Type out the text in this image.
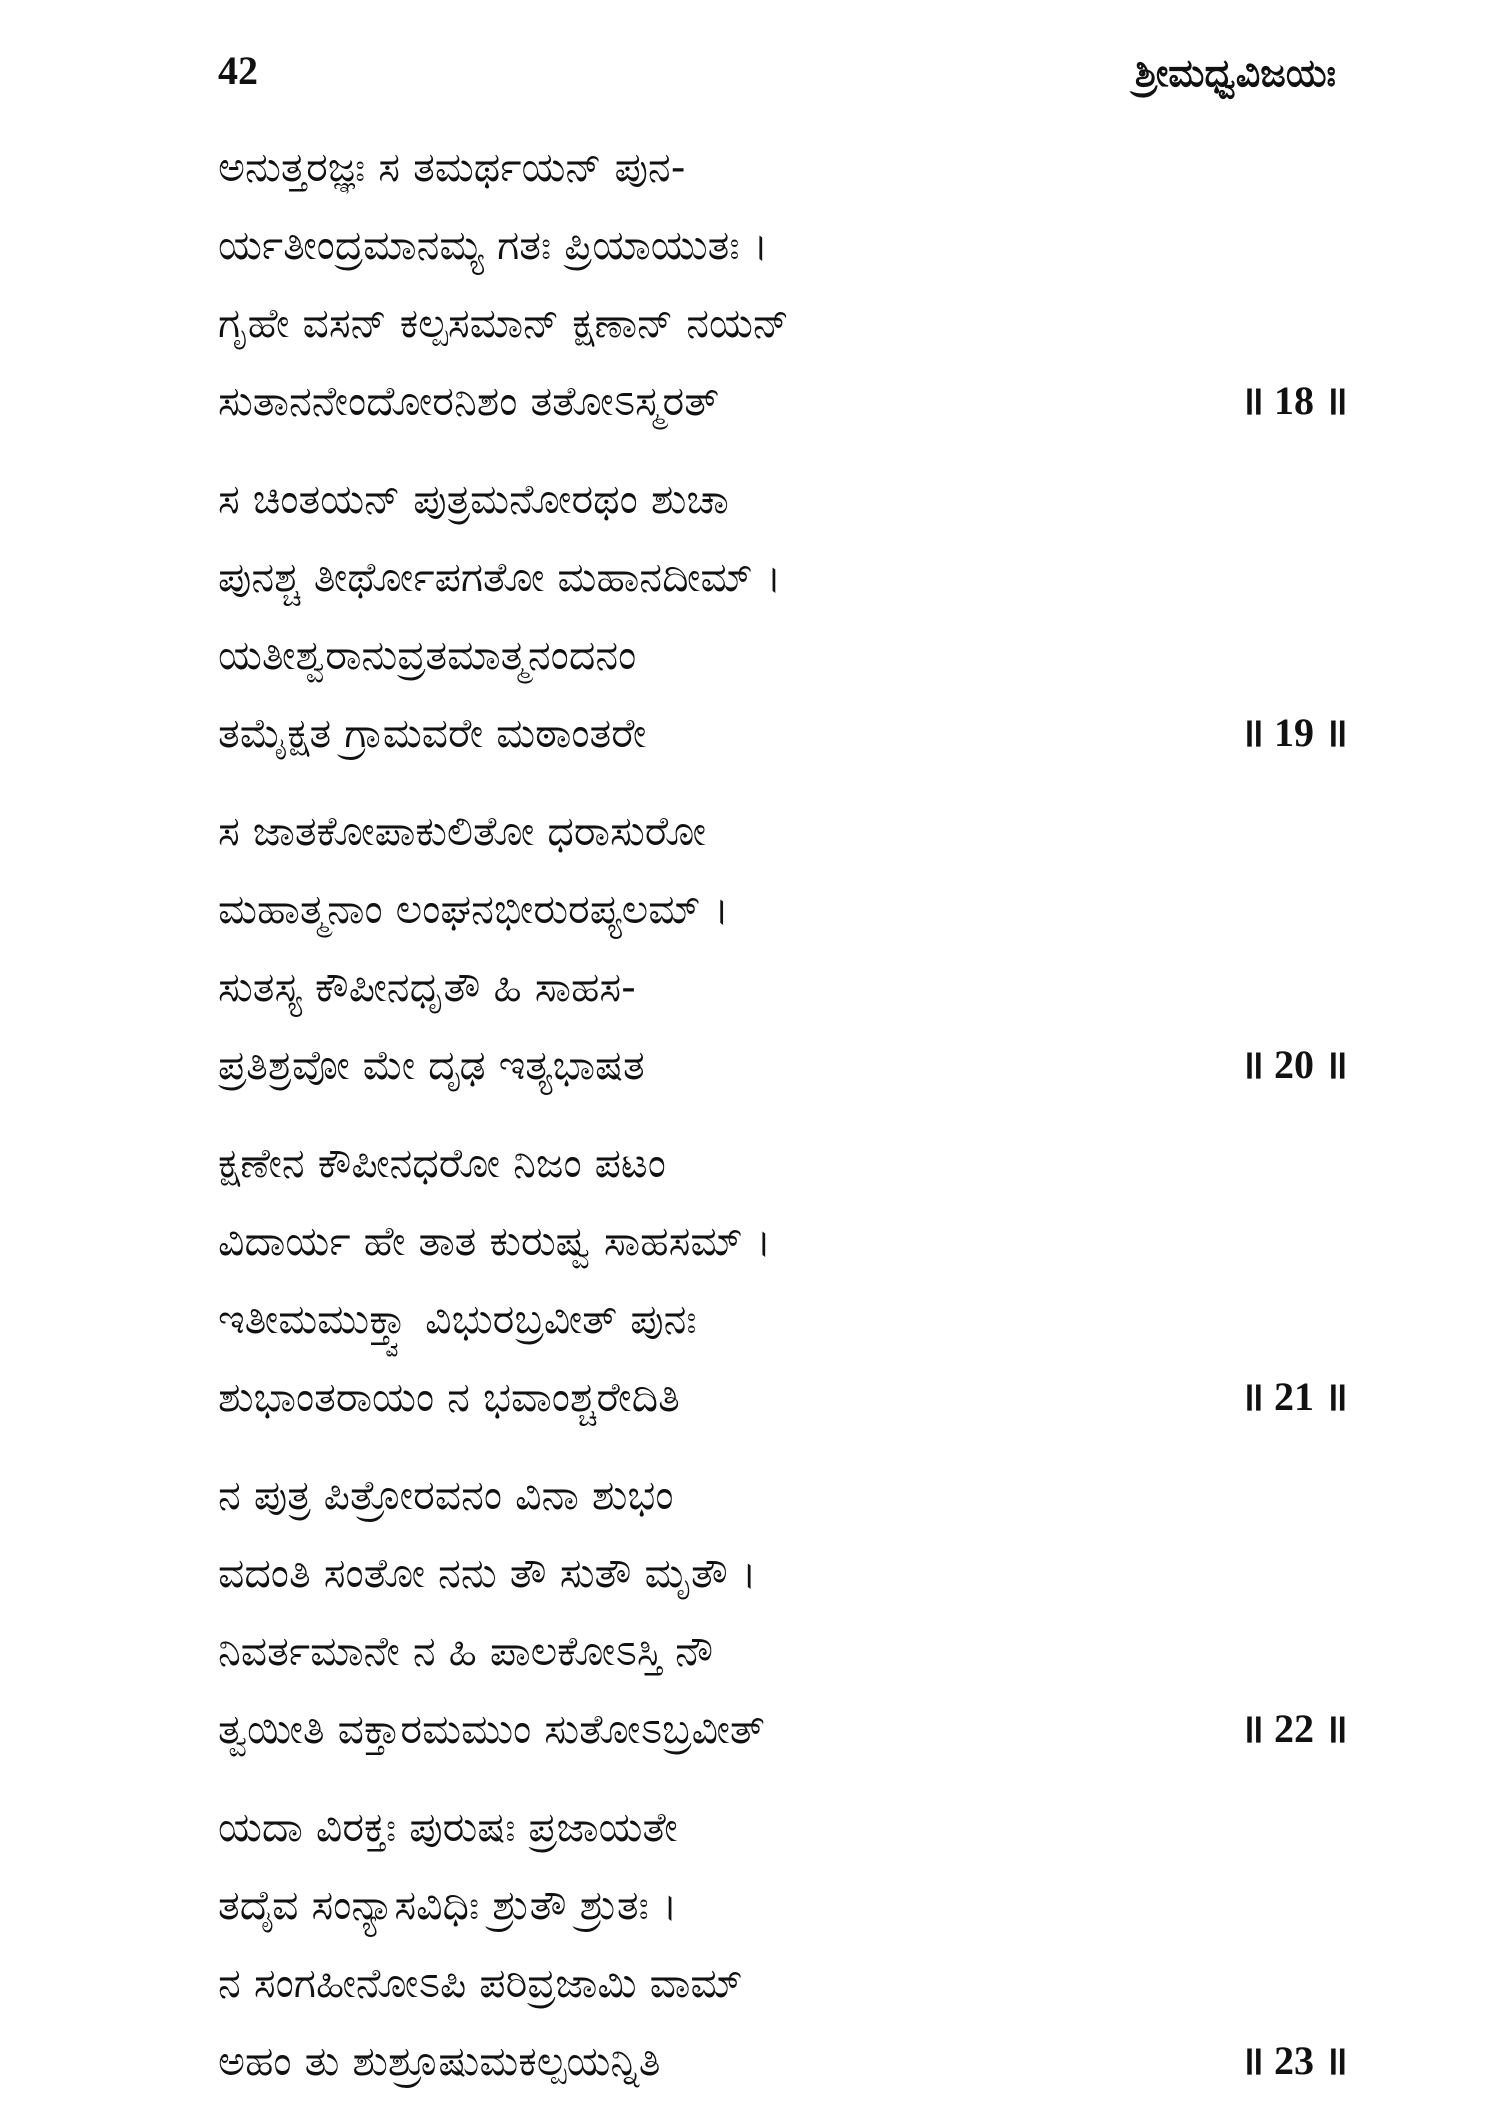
42	ಶ್ರೀಮಧ್ವವಿಜಯಃ
ಅನುತ್ತರಜ್ಞಃ ಸ ತಮರ್ಥಯನ್ ಪುನ-
ರ್ಯತೀಂದ್ರಮಾನಮ್ಯ ಗತಃ ಪ್ರಿಯಾಯುತಃ ।
ಗೃಹೇ ವಸನ್ ಕಲ್ಪಸಮಾನ್ ಕ್ಷಣಾನ್ ನಯನ್
ಸುತಾನನೇಂದೋರನಿಶಂ ತತೋಽಸ್ಮರತ್	॥ 18 ॥
ಸ ಚಿಂತಯನ್ ಪುತ್ರಮನೋರಥಂ ಶುಚಾ
ಪುನಶ್ಚ ತೀರ್ಥೋಪಗತೋ ಮಹಾನದೀಮ್ ।
ಯತೀಶ್ವರಾನುವ್ರತಮಾತ್ಮನಂದನಂ
ತಮೈಕ್ಷತ ಗ್ರಾಮವರೇ ಮಠಾಂತರೇ	॥ 19 ॥
ಸ ಜಾತಕೋಪಾಕುಲಿತೋ ಧರಾಸುರೋ
ಮಹಾತ್ಮನಾಂ ಲಂಘನಭೀರುರಪ್ಯಲಮ್ ।
ಸುತಸ್ಯ ಕೌಪೀನಧೃತೌ ಹಿ ಸಾಹಸ-
ಪ್ರತಿಶ್ರವೋ ಮೇ ದೃಢ ಇತ್ಯಭಾಷತ	॥ 20 ॥
ಕ್ಷಣೇನ ಕೌಪೀನಧರೋ ನಿಜಂ ಪಟಂ
ವಿದಾರ್ಯ ಹೇ ತಾತ ಕುರುಷ್ವ ಸಾಹಸಮ್ ।
ಇತೀಮಮುಕ್ತ್ವಾ ವಿಭುರಬ್ರವೀತ್ ಪುನಃ
ಶುಭಾಂತರಾಯಂ ನ ಭವಾಂಶ್ಚರೇದಿತಿ	॥ 21 ॥
ನ ಪುತ್ರ ಪಿತ್ರೋರವನಂ ವಿನಾ ಶುಭಂ
ವದಂತಿ ಸಂತೋ ನನು ತೌ ಸುತೌ ಮೃತೌ ।
ನಿವರ್ತಮಾನೇ ನ ಹಿ ಪಾಲಕೋಽಸ್ತಿ ನೌ
ತ್ವಯೀತಿ ವಕ್ತಾರಮಮುಂ ಸುತೋಽಬ್ರವೀತ್	॥ 22 ॥
ಯದಾ ವಿರಕ್ತಃ ಪುರುಷಃ ಪ್ರಜಾಯತೇ
ತದೈವ ಸಂನ್ಯಾಸವಿಧಿಃ ಶ್ರುತೌ ಶ್ರುತಃ ।
ನ ಸಂಗಹೀನೋಽಪಿ ಪರಿವ್ರಜಾಮಿ ವಾಮ್
ಅಹಂ ತು ಶುಶ್ರೂಷುಮಕಲ್ಪಯನ್ನಿತಿ	॥ 23 ॥
